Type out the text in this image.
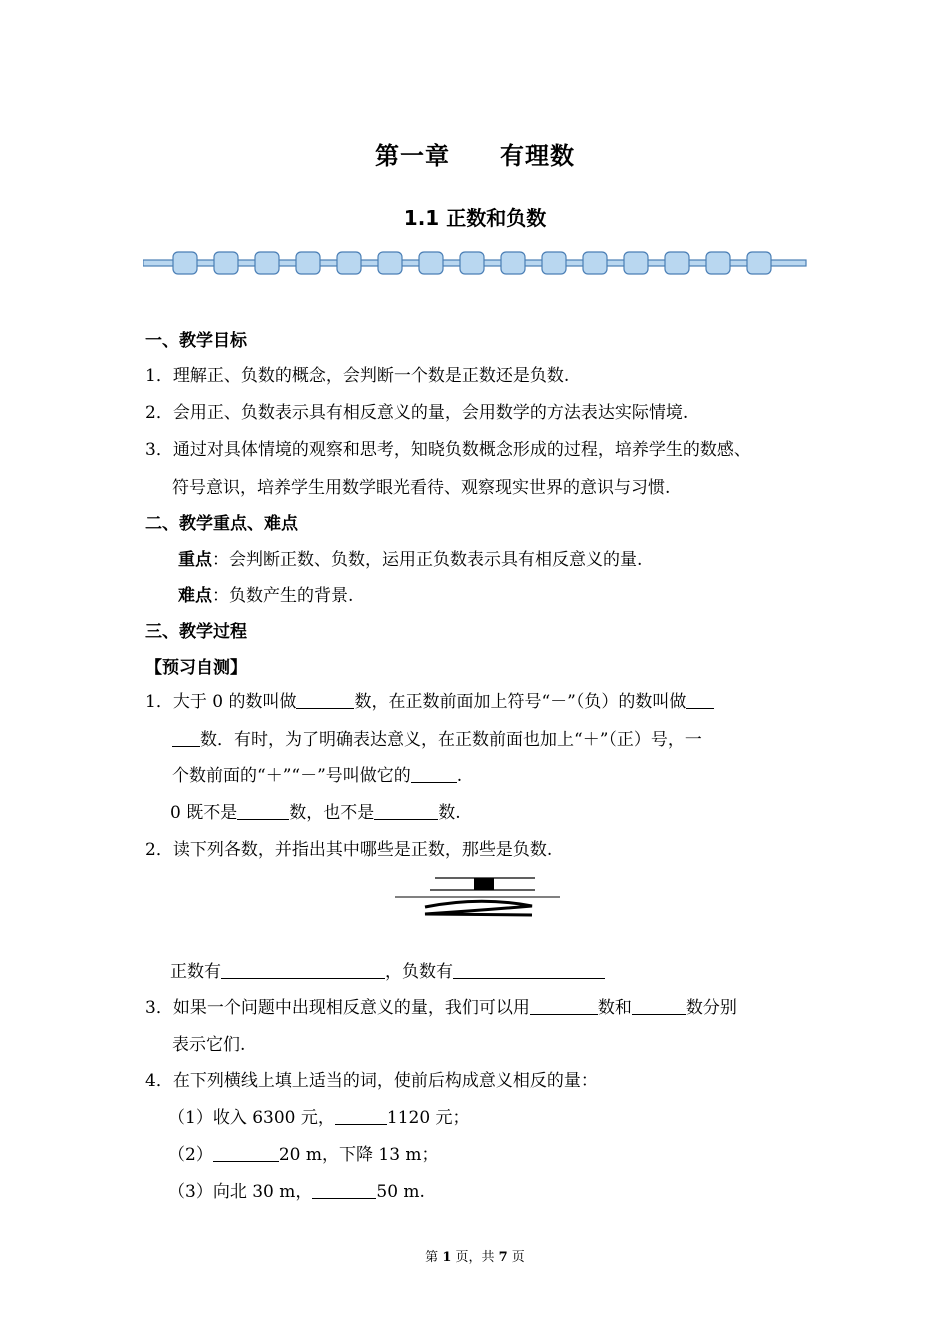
第一章 有理数
1.1 正数和负数
一、教学目标
1．理解正、负数的概念，会判断一个数是正数还是负数.
2．会用正、负数表示具有相反意义的量，会用数学的方法表达实际情境.
3．通过对具体情境的观察和思考，知晓负数概念形成的过程，培养学生的数感、
符号意识，培养学生用数学眼光看待、观察现实世界的意识与习惯.
二、教学重点、难点
重点：会判断正数、负数，运用正负数表示具有相反意义的量.
难点：负数产生的背景.
三、教学过程
【预习自测】
1．大于 0 的数叫做	数，在正数前面加上符号“－”（负）的数叫做
数．有时，为了明确表达意义，在正数前面也加上“＋”（正）号，一
个数前面的“＋”“－”号叫做它的	.
0 既不是	数，也不是	数.
2．读下列各数，并指出其中哪些是正数，那些是负数.
正数有	，负数有
3．如果一个问题中出现相反意义的量，我们可以用	数和	数分别
表示它们.
4．在下列横线上填上适当的词，使前后构成意义相反的量：
（1）收入 6300 元，	1120 元；
（2）	20 m，下降 13 m；
（3）向北 30 m，	50 m.
第 1 页，共 7 页
